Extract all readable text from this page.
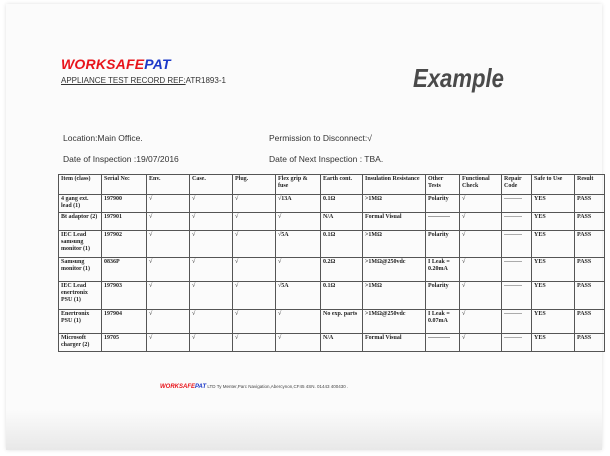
WORKSAFEPAT
APPLIANCE TEST RECORD REF:ATR1893-1	Example
Location:Main Office.	Permission to Disconnect:√
Date of Inspection :19/07/2016	Date of Next Inspection : TBA.
Item (class)	Serial No:	Env.	Case.	Plug.	Flex grip & fuse	Earth cont.	Insulation Resistance	Other Tests	Functional Check	Repair Code	Safe to Use	Result
4 gang ext. lead (1)	197900	√	√	√	√13A	0.1Ω	>1MΩ	Polarity	√	---------	YES	PASS
Bt adaptor (2)	197901	√	√	√	√	N/A	Formal Visual	-----------	√	---------	YES	PASS
IEC Lead samsung monitor (1)	197902	√	√	√	√5A	0.1Ω	>1MΩ	Polarity	√	---------	YES	PASS
Samsung monitor (1)	0836P	√	√	√	√	0.2Ω	>1MΩ@250vdc	I Leak = 0.20mA	√	---------	YES	PASS
IEC Lead enertronix PSU (1)	197903	√	√	√	√5A	0.1Ω	>1MΩ	Polarity	√	---------	YES	PASS
Enertronix PSU (1)	197904	√	√	√	√	No exp. parts	>1MΩ@250vdc	I Leak = 0.07mA	√	---------	YES	PASS
Microsoft charger (2)	19705	√	√	√	√	N/A	Formal Visual	-----------	√	---------	YES	PASS
WORKSAFEPAT LTD Ty Menter,Parc Navigation,Abercynon,CF45 4SN. 01443 400430 .
